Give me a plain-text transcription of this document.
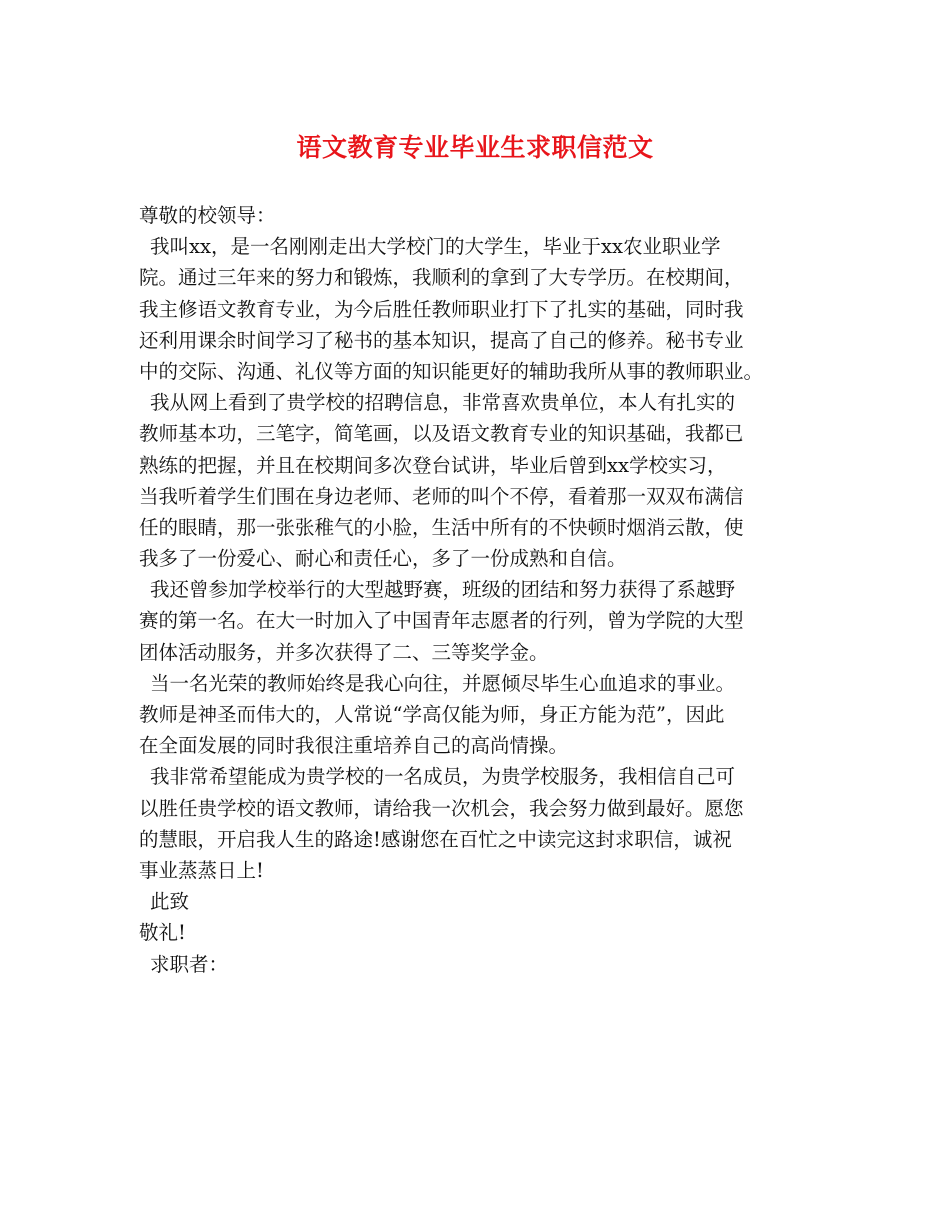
语文教育专业毕业生求职信范文
尊敬的校领导：
我叫xx，是一名刚刚走出大学校门的大学生，毕业于xx农业职业学
院。通过三年来的努力和锻炼，我顺利的拿到了大专学历。在校期间，
我主修语文教育专业，为今后胜任教师职业打下了扎实的基础，同时我
还利用课余时间学习了秘书的基本知识，提高了自己的修养。秘书专业
中的交际、沟通、礼仪等方面的知识能更好的辅助我所从事的教师职业。
我从网上看到了贵学校的招聘信息，非常喜欢贵单位，本人有扎实的
教师基本功，三笔字，简笔画，以及语文教育专业的知识基础，我都已
熟练的把握，并且在校期间多次登台试讲，毕业后曾到xx学校实习，
当我听着学生们围在身边老师、老师的叫个不停，看着那一双双布满信
任的眼睛，那一张张稚气的小脸，生活中所有的不快顿时烟消云散，使
我多了一份爱心、耐心和责任心，多了一份成熟和自信。
我还曾参加学校举行的大型越野赛，班级的团结和努力获得了系越野
赛的第一名。在大一时加入了中国青年志愿者的行列，曾为学院的大型
团体活动服务，并多次获得了二、三等奖学金。
当一名光荣的教师始终是我心向往，并愿倾尽毕生心血追求的事业。
教师是神圣而伟大的，人常说“学高仅能为师，身正方能为范”，因此
在全面发展的同时我很注重培养自己的高尚情操。
我非常希望能成为贵学校的一名成员，为贵学校服务，我相信自己可
以胜任贵学校的语文教师，请给我一次机会，我会努力做到最好。愿您
的慧眼，开启我人生的路途!感谢您在百忙之中读完这封求职信，诚祝
事业蒸蒸日上!
此致
敬礼!
求职者：
